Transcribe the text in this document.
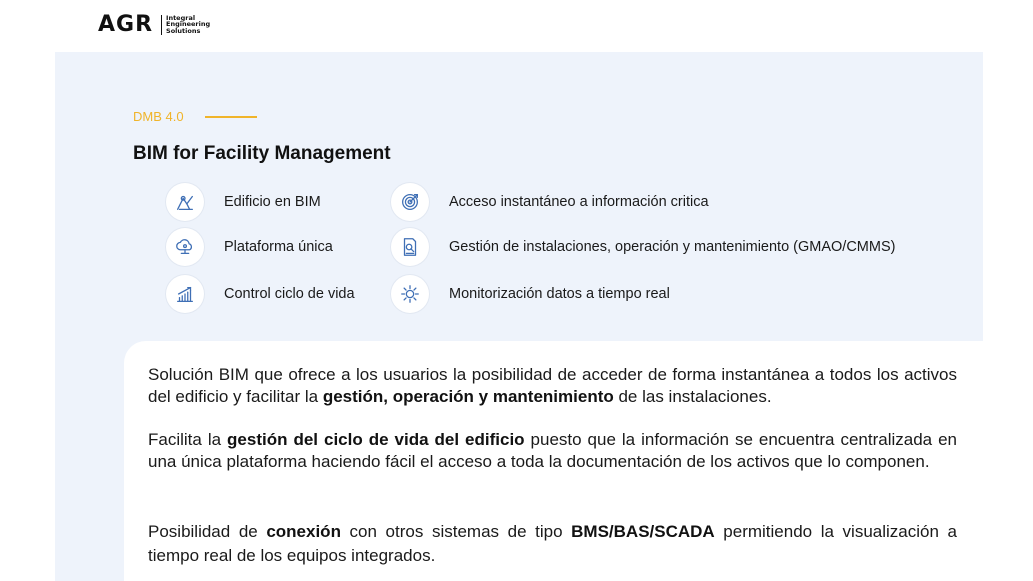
AGR Integral
Engineering
Solutions
DMB 4.0
BIM for Facility Management
Edificio en BIM	Acceso instantáneo a información critica
Plataforma única	Gestión de instalaciones, operación y mantenimiento (GMAO/CMMS)
Control ciclo de vida	Monitorización datos a tiempo real
Solución BIM que ofrece a los usuarios la posibilidad de acceder de forma instantánea a todos los activos del edificio y facilitar la gestión, operación y mantenimiento de las instalaciones.
Facilita la gestión del ciclo de vida del edificio puesto que la información se encuentra centralizada en una única plataforma haciendo fácil el acceso a toda la documentación de los activos que lo componen.
Posibilidad de conexión con otros sistemas de tipo BMS/BAS/SCADA permitiendo la visualización a tiempo real de los equipos integrados.
